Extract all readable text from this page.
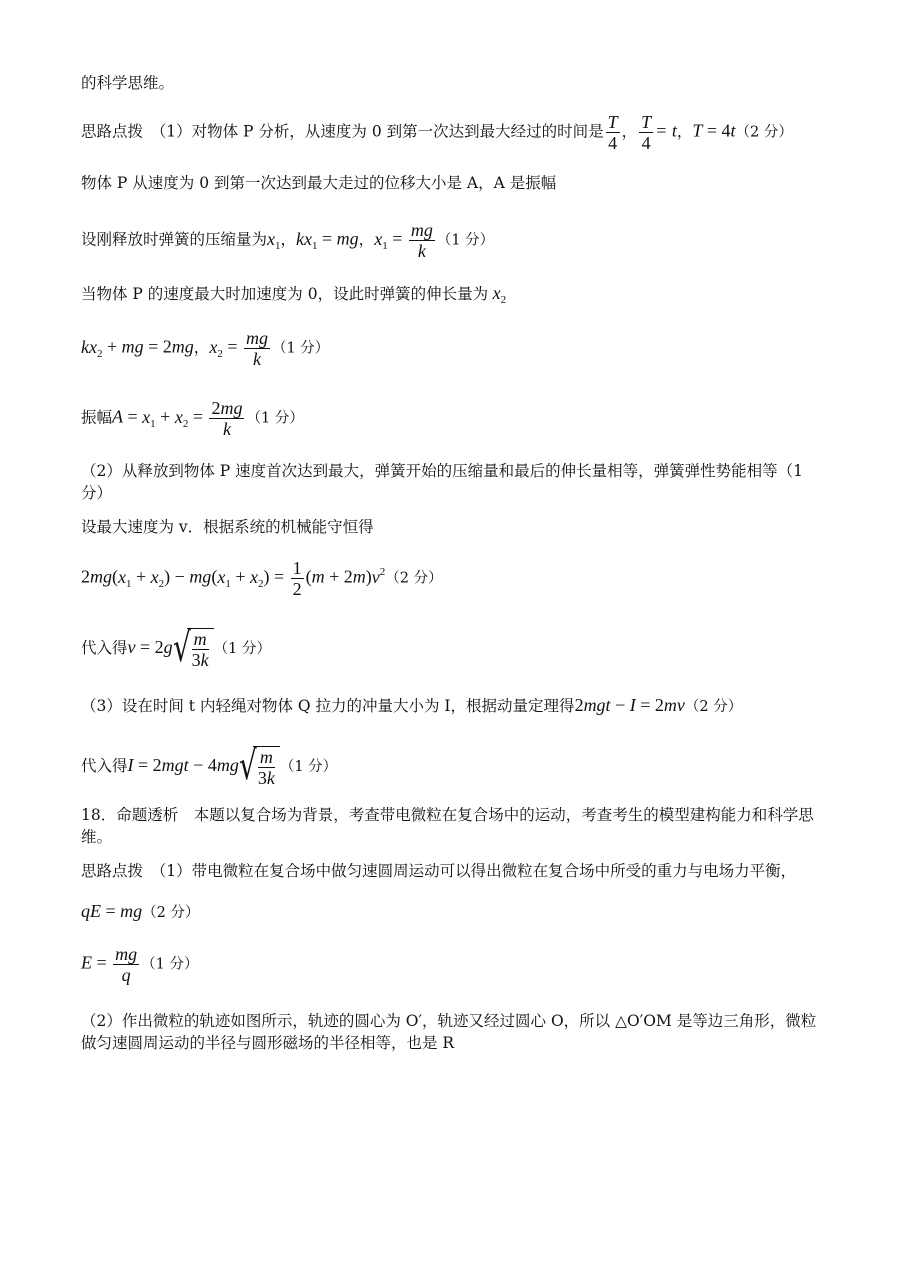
的科学思维。
思路点拨　（1）对物体 P 分析，从速度为 0 到第一次达到最大经过的时间是 $\frac{T}{4}$ ， $\frac{T}{4} = t$，T = 4t（2 分）
物体 P 从速度为 0 到第一次达到最大走过的位移大小是 A，A 是振幅
设刚释放时弹簧的压缩量为$x_1$，$kx_1$ = mg，$x_1 = \frac{mg}{k} (1$ 分）
当物体 P 的速度最大时加速度为 0，设此时弹簧的伸长量为 $x_2$
$kx_2$ + mg = 2mg，$x_2 = \frac{mg}{k} (1$ 分）
振幅$A = x_1 + x_2 = \frac{2mg}{k} (1$ 分）
（2）从释放到物体 P 速度首次达到最大，弹簧开始的压缩量和最后的伸长量相等，弹簧弹性势能相等（1 分）
设最大速度为 v．根据系统的机械能守恒得
$2mg(x_1 + x_2) - mg(x_1 + x_2) = \frac{1}{2} (m + 2m)v^2(2$ 分）
代入得v = 2g √ $\frac{m}{3k} (1$ 分）
（3）设在时间 t 内轻绳对物体 Q 拉力的冲量大小为 I，根据动量定理得2mgt − I = 2mv（2 分）
代入得I = 2mgt − 4mg √ $\frac{m}{3k} (1$ 分）
18．命题透析　本题以复合场为背景，考查带电微粒在复合场中的运动，考查考生的模型建构能力和科学思维。
思路点拨　（1）带电微粒在复合场中做匀速圆周运动可以得出微粒在复合场中所受的重力与电场力平衡，
qE = mg（2 分）
$E = \frac{mg}{q} (1$ 分）
（2）作出微粒的轨迹如图所示，轨迹的圆心为 O′，轨迹又经过圆心 O，所以 △O′OM 是等边三角形，微粒做匀速圆周运动的半径与圆形磁场的半径相等，也是 R
